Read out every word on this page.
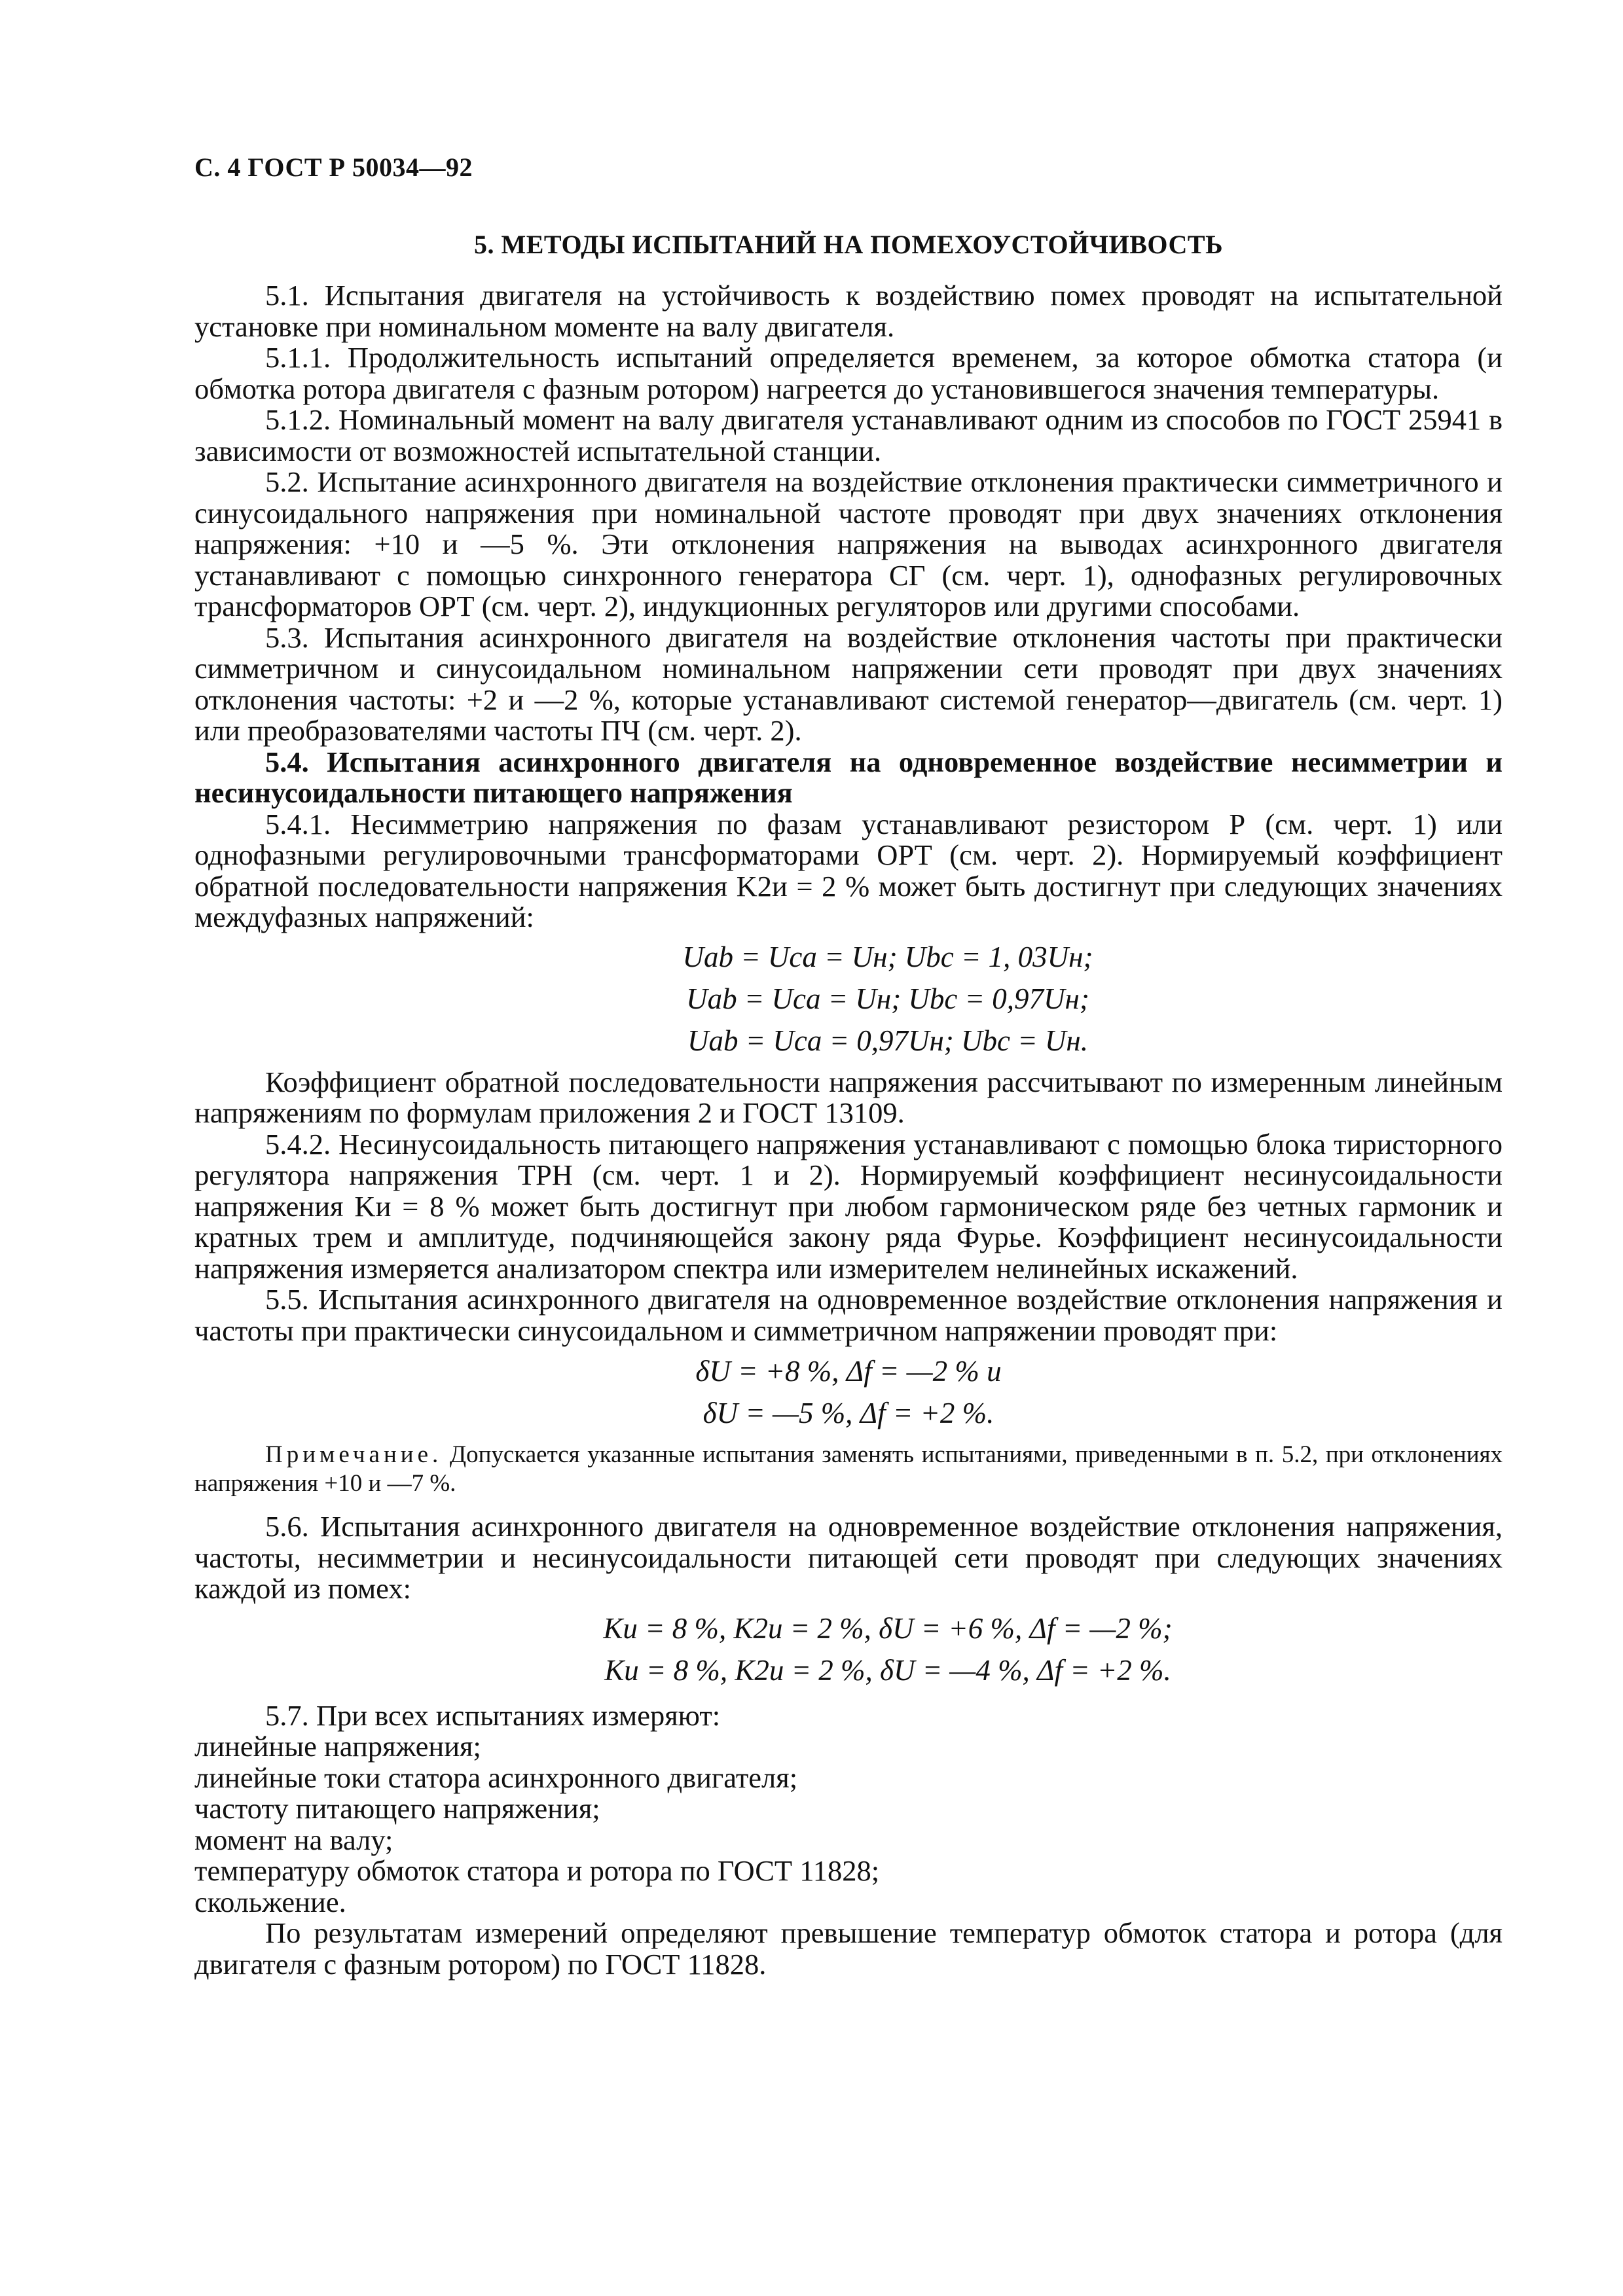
С. 4 ГОСТ Р 50034—92
5. МЕТОДЫ ИСПЫТАНИЙ НА ПОМЕХОУСТОЙЧИВОСТЬ

5.1. Испытания двигателя на устойчивость к воздействию помех проводят на испытательной установке при номинальном моменте на валу двигателя.

5.1.1. Продолжительность испытаний определяется временем, за которое обмотка статора (и обмотка ротора двигателя с фазным ротором) нагреется до установившегося значения температуры.

5.1.2. Номинальный момент на валу двигателя устанавливают одним из способов по ГОСТ 25941 в зависимости от возможностей испытательной станции.

5.2. Испытание асинхронного двигателя на воздействие отклонения практически симметричного и синусоидального напряжения при номинальной частоте проводят при двух значениях отклонения напряжения: +10 и —5 %. Эти отклонения напряжения на выводах асинхронного двигателя устанавливают с помощью синхронного генератора СГ (см. черт. 1), однофазных регулировочных трансформаторов ОРТ (см. черт. 2), индукционных регуляторов или другими способами.

5.3. Испытания асинхронного двигателя на воздействие отклонения частоты при практически симметричном и синусоидальном номинальном напряжении сети проводят при двух значениях отклонения частоты: +2 и —2 %, которые устанавливают системой генератор—двигатель (см. черт. 1) или преобразователями частоты ПЧ (см. черт. 2).

5.4. Испытания асинхронного двигателя на одновременное воздействие несимметрии и несинусоидальности питающего напряжения

5.4.1. Несимметрию напряжения по фазам устанавливают резистором Р (см. черт. 1) или однофазными регулировочными трансформаторами ОРТ (см. черт. 2). Нормируемый коэффициент обратной последовательности напряжения K2и = 2 % может быть достигнут при следующих значениях междуфазных напряжений:

Uab = Uca = Uн; Ubc = 1, 03Uн;
Uab = Uca = Uн; Ubc = 0,97Uн;
Uab = Uca = 0,97Uн; Ubc = Uн.

Коэффициент обратной последовательности напряжения рассчитывают по измеренным линейным напряжениям по формулам приложения 2 и ГОСТ 13109.

5.4.2. Несинусоидальность питающего напряжения устанавливают с помощью блока тиристорного регулятора напряжения ТРН (см. черт. 1 и 2). Нормируемый коэффициент несинусоидальности напряжения Kи = 8 % может быть достигнут при любом гармоническом ряде без четных гармоник и кратных трем и амплитуде, подчиняющейся закону ряда Фурье. Коэффициент несинусоидальности напряжения измеряется анализатором спектра или измерителем нелинейных искажений.

5.5. Испытания асинхронного двигателя на одновременное воздействие отклонения напряжения и частоты при практически синусоидальном и симметричном напряжении проводят при:

δU = +8 %, Δf = —2 % и
δU = —5 %, Δf = +2 %.

Примечание. Допускается указанные испытания заменять испытаниями, приведенными в п. 5.2, при отклонениях напряжения +10 и —7 %.

5.6. Испытания асинхронного двигателя на одновременное воздействие отклонения напряжения, частоты, несимметрии и несинусоидальности питающей сети проводят при следующих значениях каждой из помех:

Kи = 8 %, K2и = 2 %, δU = +6 %, Δf = —2 %;
Kи = 8 %, K2и = 2 %, δU = —4 %, Δf = +2 %.

5.7. При всех испытаниях измеряют:

линейные напряжения;
линейные токи статора асинхронного двигателя;
частоту питающего напряжения;
момент на валу;
температуру обмоток статора и ротора по ГОСТ 11828;
скольжение.

По результатам измерений определяют превышение температур обмоток статора и ротора (для двигателя с фазным ротором) по ГОСТ 11828.
